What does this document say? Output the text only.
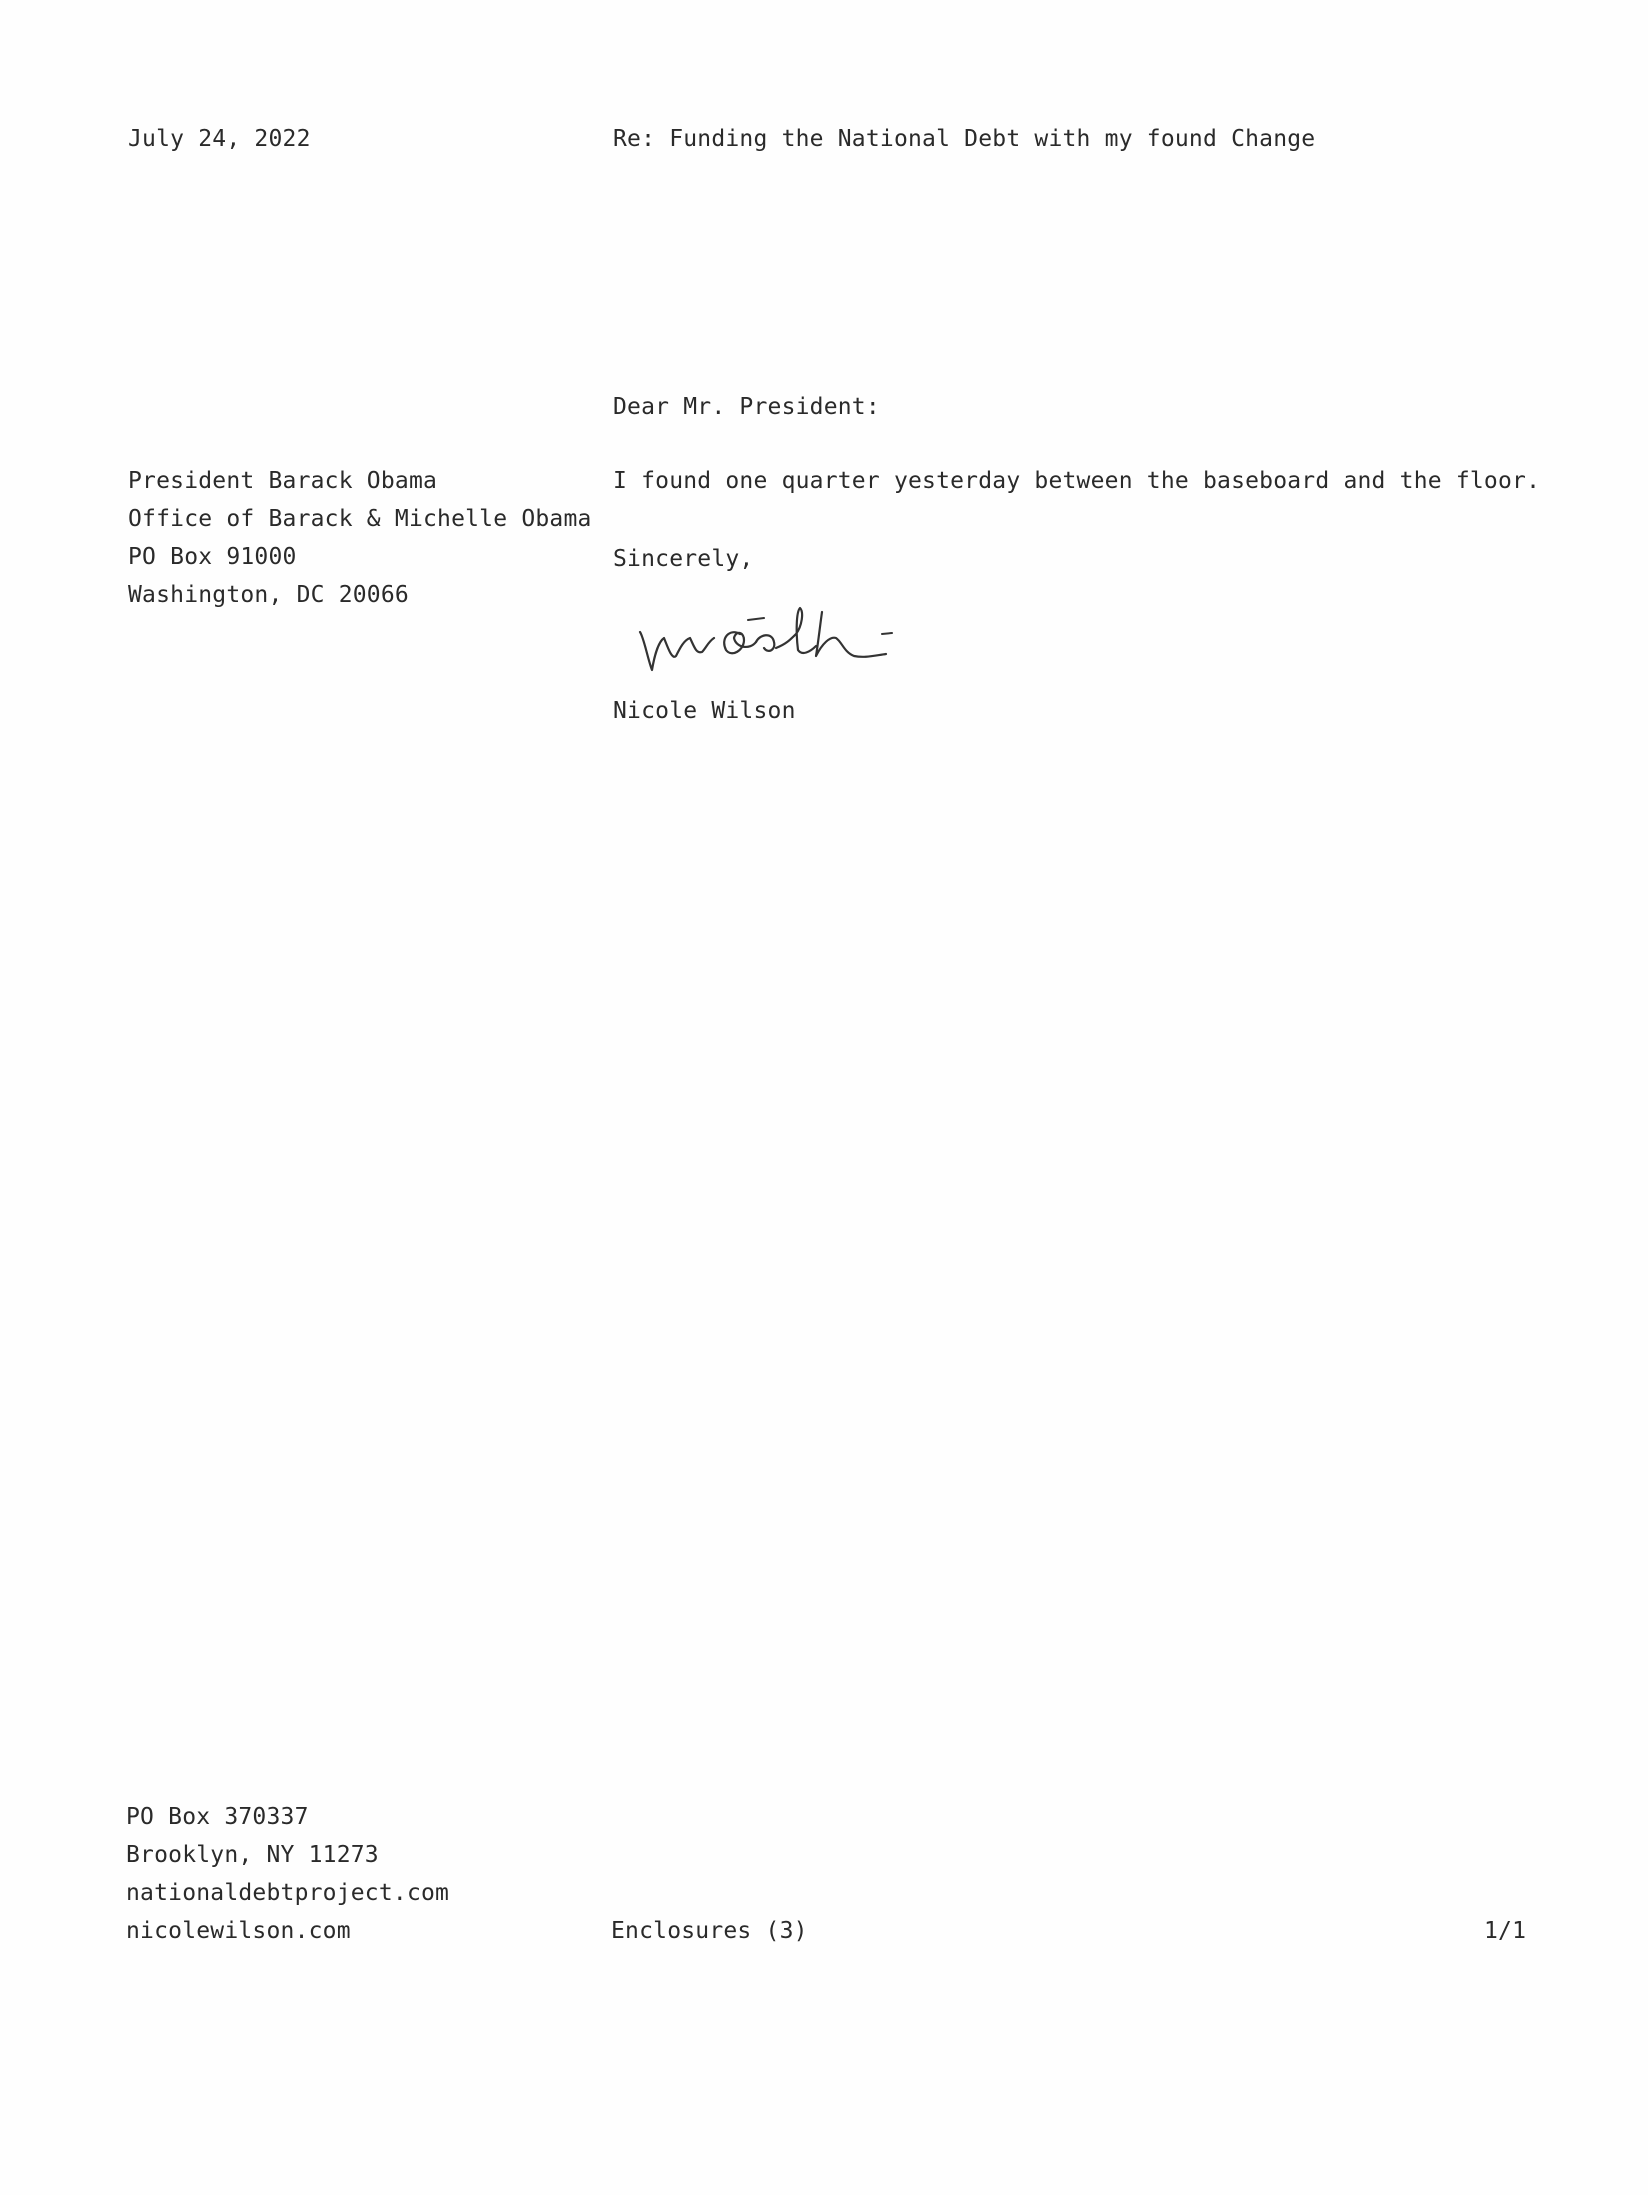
July 24, 2022	Re: Funding the National Debt with my found Change
Dear Mr. President:
President Barack Obama
Office of Barack & Michelle Obama
PO Box 91000
Washington, DC 20066
I found one quarter yesterday between the baseboard and the floor.
Sincerely,
Nicole Wilson
PO Box 370337
Brooklyn, NY 11273
nationaldebtproject.com
nicolewilson.com	Enclosures (3)	1/1
